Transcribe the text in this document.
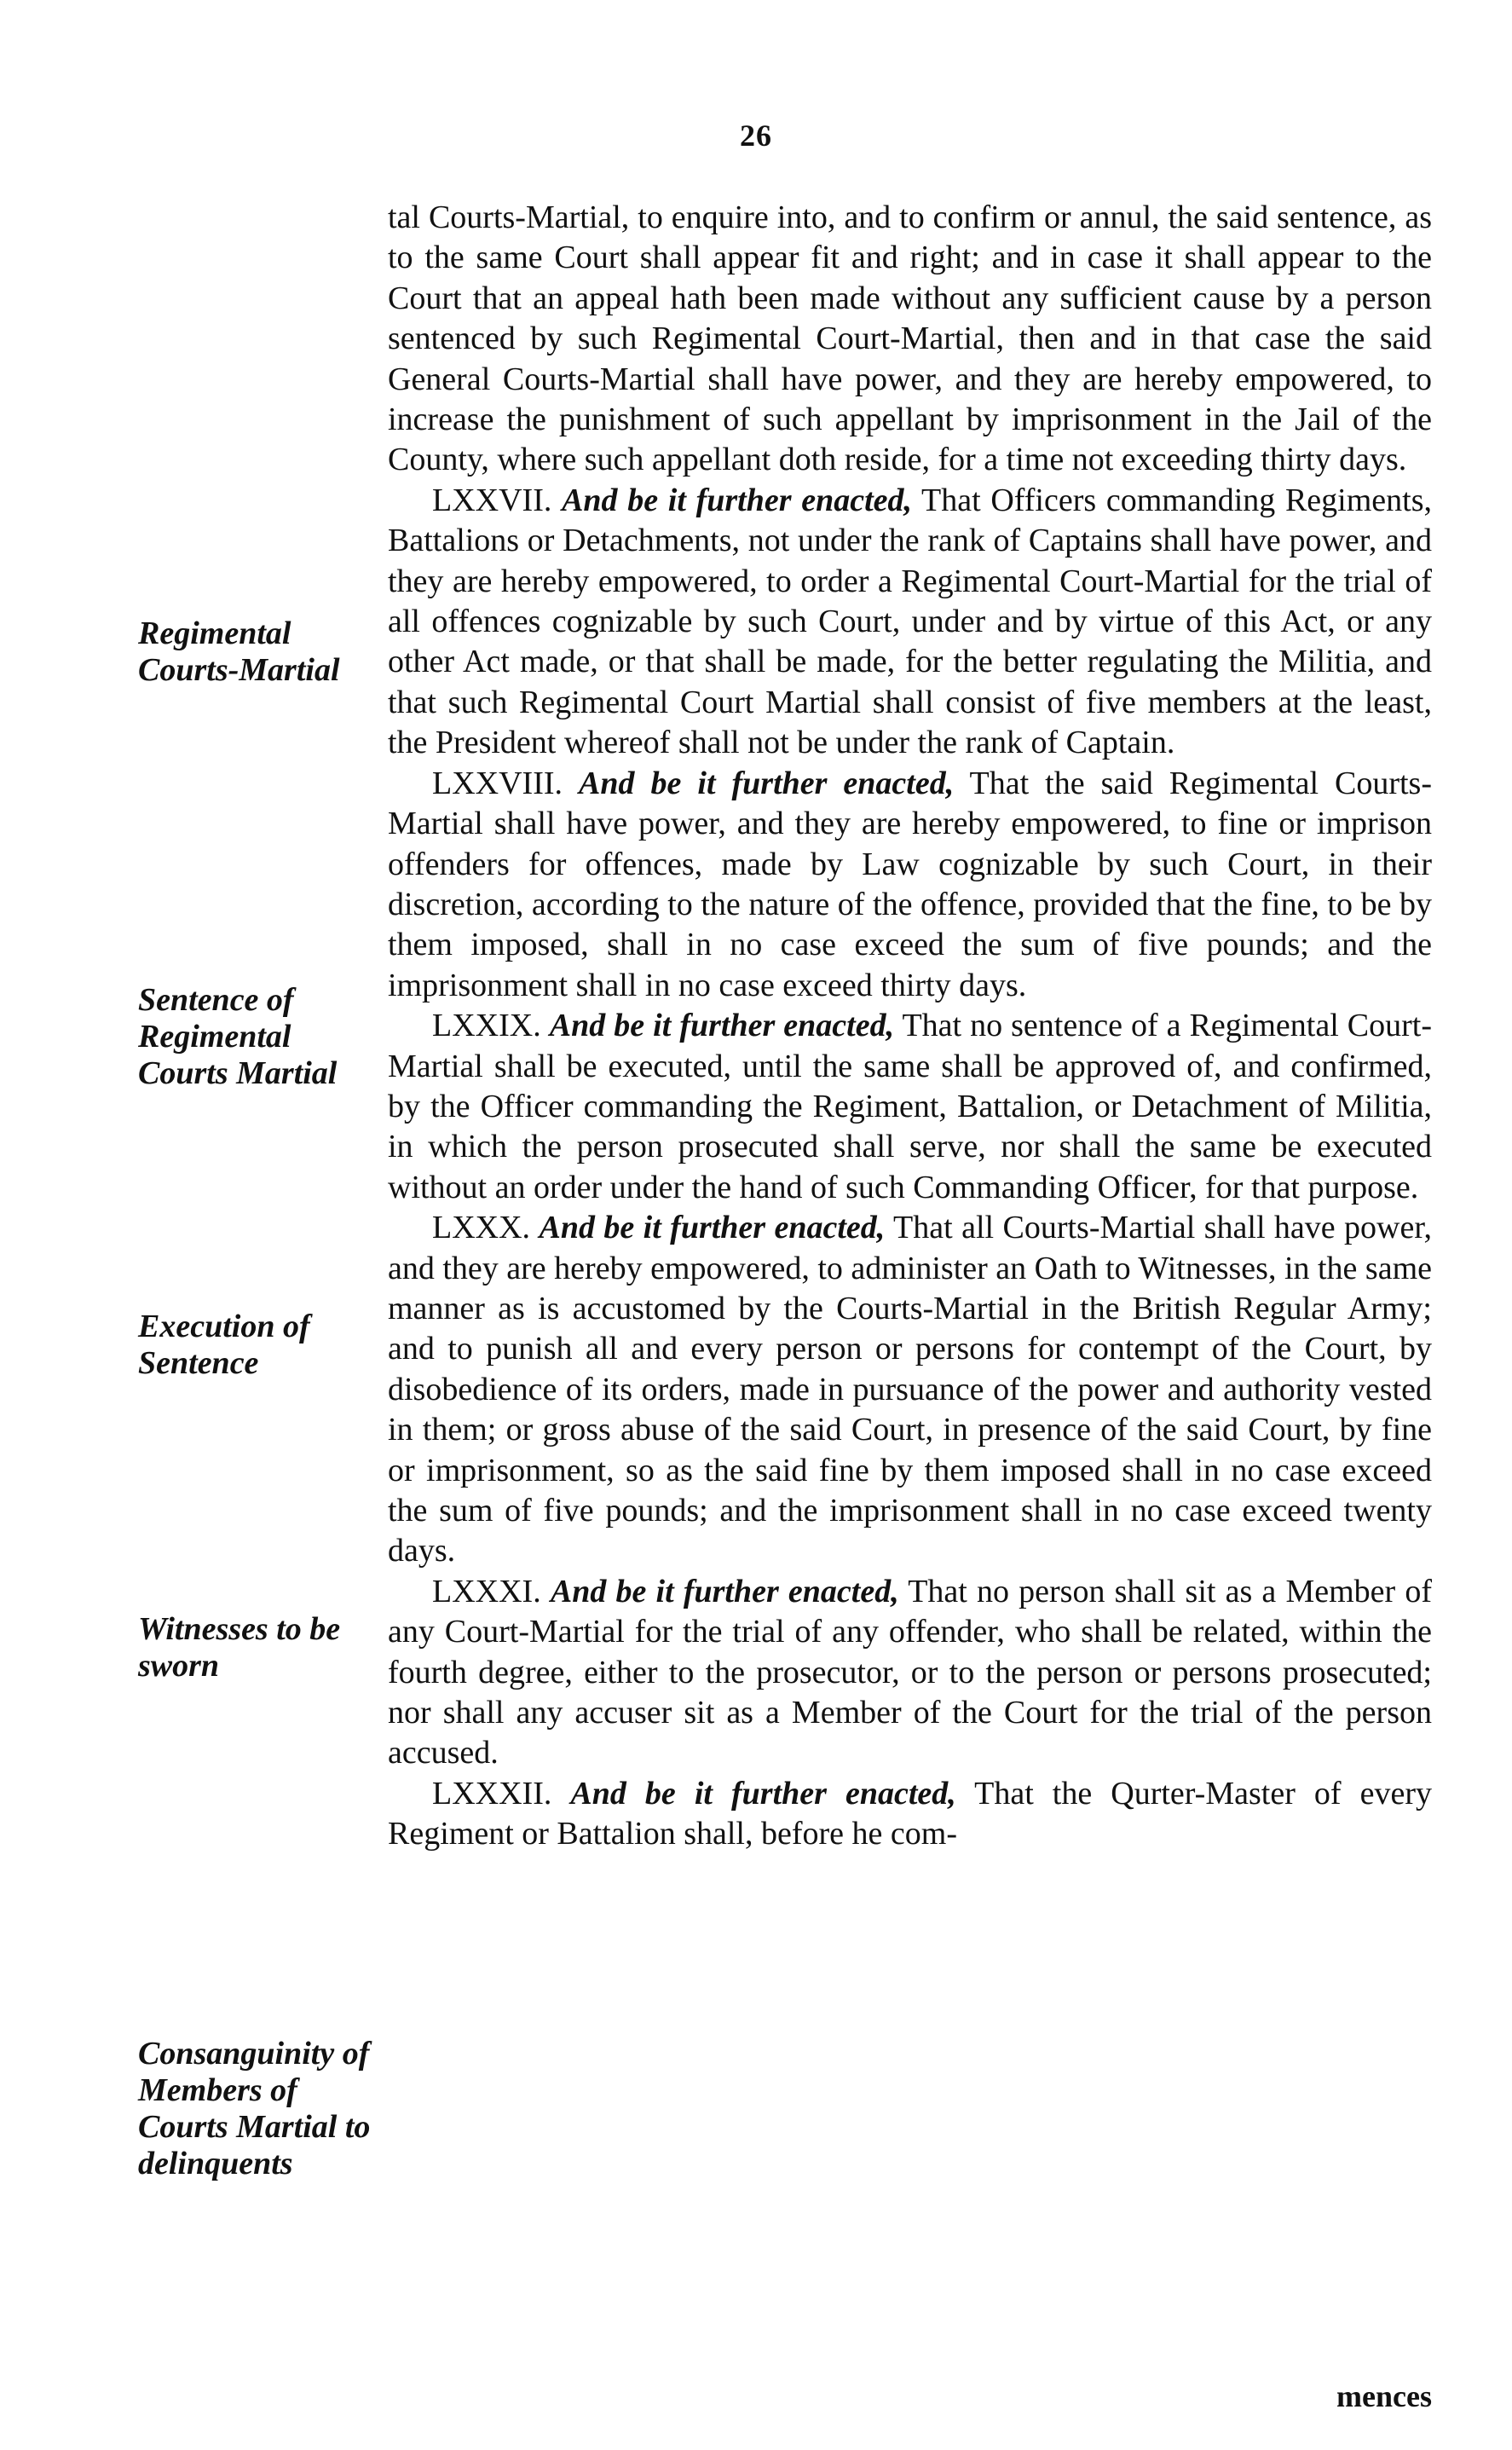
26
Regimental Courts-Martial
Sentence of Regimental Courts Martial
Execution of Sentence
Witnesses to be sworn
Consanguinity of Members of Courts Martial to delinquents

tal Courts-Martial, to enquire into, and to confirm or annul, the said sentence, as to the same Court shall appear fit and right; and in case it shall appear to the Court that an appeal hath been made without any sufficient cause by a person sentenced by such Regimental Court-Martial, then and in that case the said General Courts-Martial shall have power, and they are hereby empowered, to increase the punishment of such appellant by imprisonment in the Jail of the County, where such appellant doth reside, for a time not exceeding thirty days.

LXXVII. And be it further enacted, That Officers commanding Regiments, Battalions or Detachments, not under the rank of Captains shall have power, and they are hereby empowered, to order a Regimental Court-Martial for the trial of all offences cognizable by such Court, under and by virtue of this Act, or any other Act made, or that shall be made, for the better regulating the Militia, and that such Regimental Court Martial shall consist of five members at the least, the President whereof shall not be under the rank of Captain.

LXXVIII. And be it further enacted, That the said Regimental Courts-Martial shall have power, and they are hereby empowered, to fine or imprison offenders for offences, made by Law cognizable by such Court, in their discretion, according to the nature of the offence, provided that the fine, to be by them imposed, shall in no case exceed the sum of five pounds; and the imprisonment shall in no case exceed thirty days.

LXXIX. And be it further enacted, That no sentence of a Regimental Court-Martial shall be executed, until the same shall be approved of, and confirmed, by the Officer commanding the Regiment, Battalion, or Detachment of Militia, in which the person prosecuted shall serve, nor shall the same be executed without an order under the hand of such Commanding Officer, for that purpose.

LXXX. And be it further enacted, That all Courts-Martial shall have power, and they are hereby empowered, to administer an Oath to Witnesses, in the same manner as is accustomed by the Courts-Martial in the British Regular Army; and to punish all and every person or persons for contempt of the Court, by disobedience of its orders, made in pursuance of the power and authority vested in them; or gross abuse of the said Court, in presence of the said Court, by fine or imprisonment, so as the said fine by them imposed shall in no case exceed the sum of five pounds; and the imprisonment shall in no case exceed twenty days.

LXXXI. And be it further enacted, That no person shall sit as a Member of any Court-Martial for the trial of any offender, who shall be related, within the fourth degree, either to the prosecutor, or to the person or persons prosecuted; nor shall any accuser sit as a Member of the Court for the trial of the person accused.

LXXXII. And be it further enacted, That the Qurter-Master of every Regiment or Battalion shall, before he com-

mences
